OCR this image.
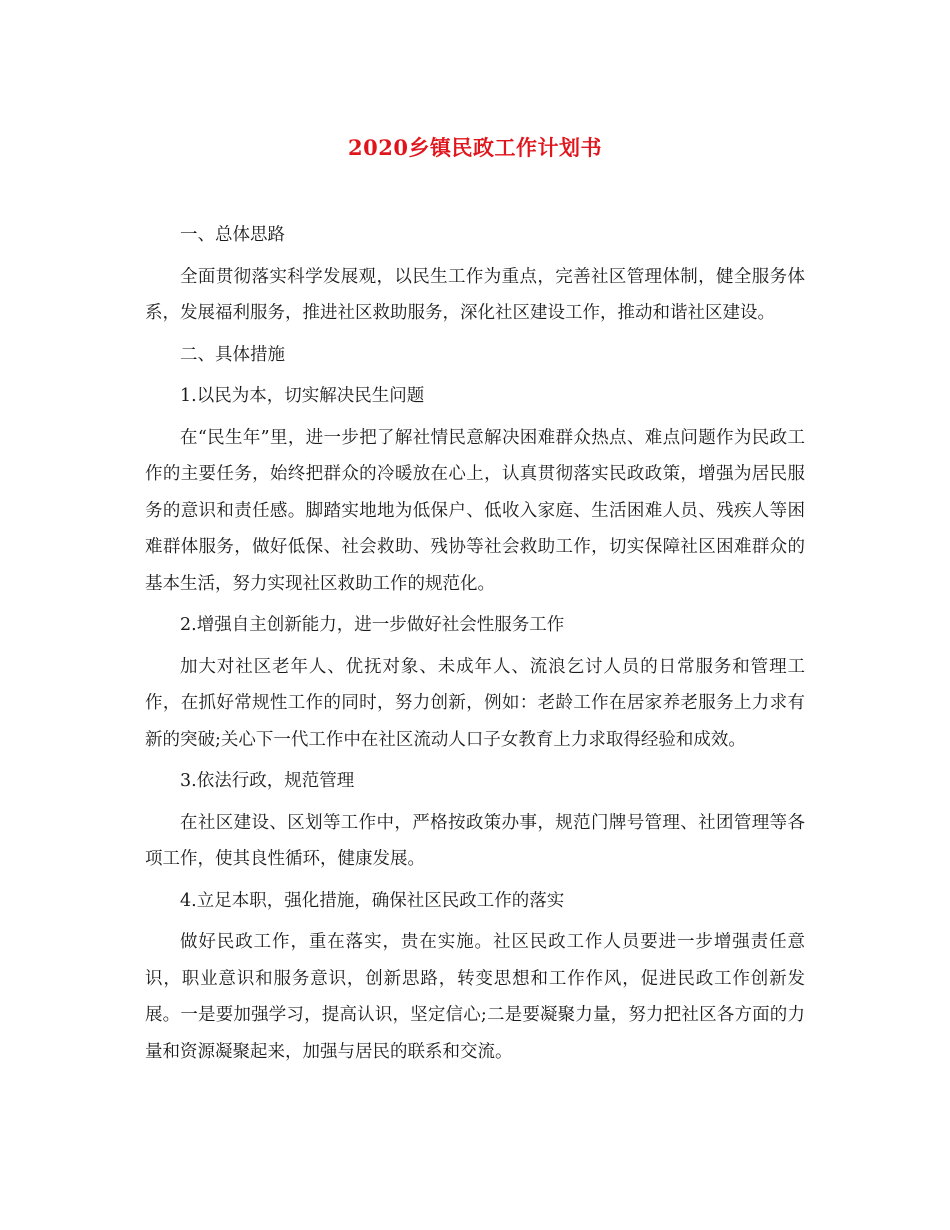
2020乡镇民政工作计划书

一、总体思路

全面贯彻落实科学发展观，以民生工作为重点，完善社区管理体制，健全服务体系，发展福利服务，推进社区救助服务，深化社区建设工作，推动和谐社区建设。

二、具体措施

1.以民为本，切实解决民生问题

在“民生年”里，进一步把了解社情民意解决困难群众热点、难点问题作为民政工作的主要任务，始终把群众的冷暖放在心上，认真贯彻落实民政政策，增强为居民服务的意识和责任感。脚踏实地地为低保户、低收入家庭、生活困难人员、残疾人等困难群体服务，做好低保、社会救助、残协等社会救助工作，切实保障社区困难群众的基本生活，努力实现社区救助工作的规范化。

2.增强自主创新能力，进一步做好社会性服务工作

加大对社区老年人、优抚对象、未成年人、流浪乞讨人员的日常服务和管理工作，在抓好常规性工作的同时，努力创新，例如：老龄工作在居家养老服务上力求有新的突破;关心下一代工作中在社区流动人口子女教育上力求取得经验和成效。

3.依法行政，规范管理

在社区建设、区划等工作中，严格按政策办事，规范门牌号管理、社团管理等各项工作，使其良性循环，健康发展。

4.立足本职，强化措施，确保社区民政工作的落实

做好民政工作，重在落实，贵在实施。社区民政工作人员要进一步增强责任意识，职业意识和服务意识，创新思路，转变思想和工作作风，促进民政工作创新发展。一是要加强学习，提高认识，坚定信心;二是要凝聚力量，努力把社区各方面的力量和资源凝聚起来，加强与居民的联系和交流。
